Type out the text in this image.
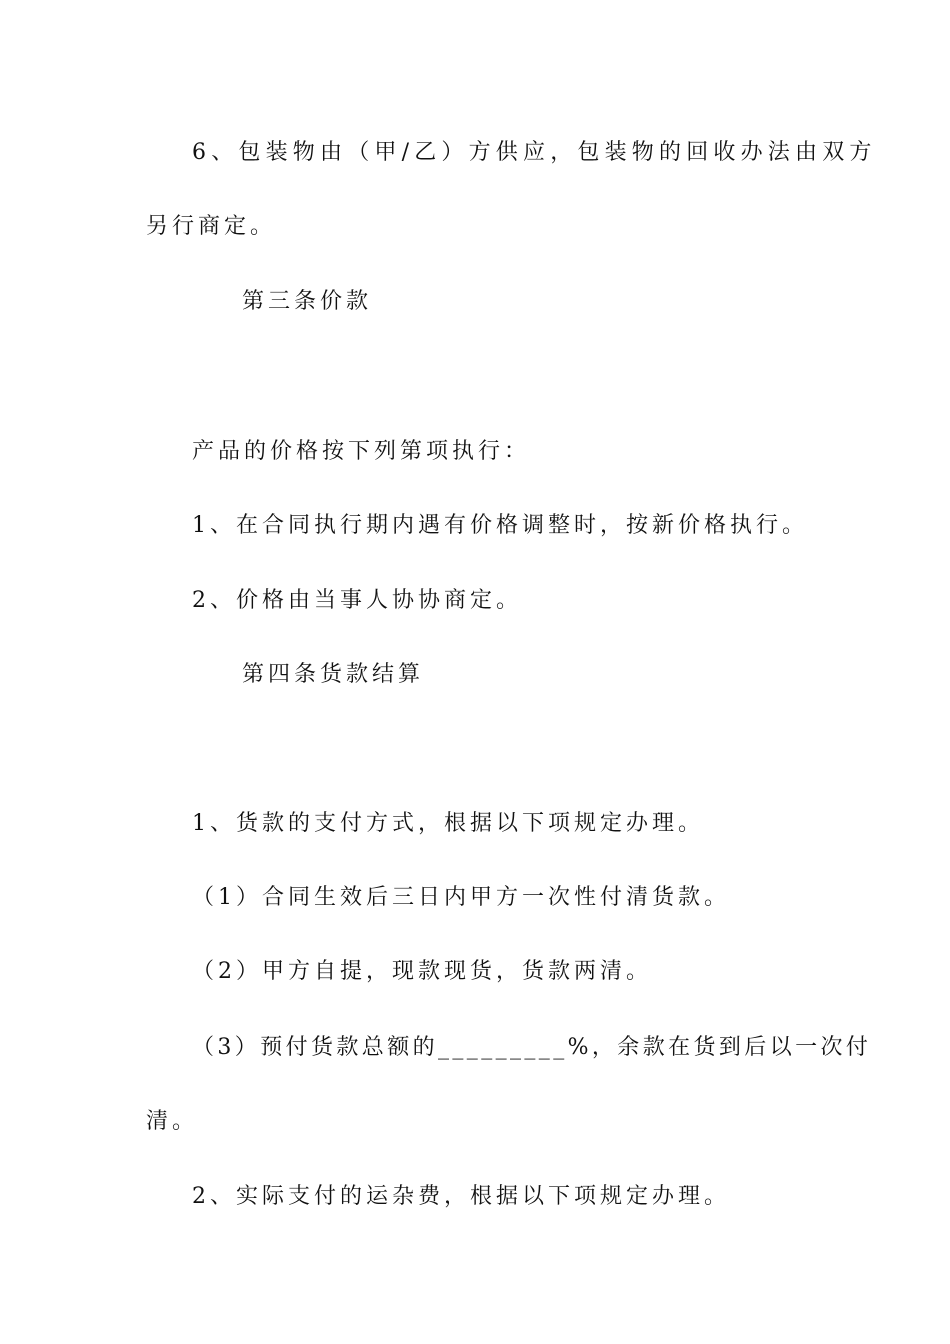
6、包装物由（甲/乙）方供应，包装物的回收办法由双方
另行商定。
第三条价款
产品的价格按下列第项执行：
1、在合同执行期内遇有价格调整时，按新价格执行。
2、价格由当事人协协商定。
第四条货款结算
1、货款的支付方式，根据以下项规定办理。
（1）合同生效后三日内甲方一次性付清货款。
（2）甲方自提，现款现货，货款两清。
（3）预付货款总额的_________%，余款在货到后以一次付
清。
2、实际支付的运杂费，根据以下项规定办理。
